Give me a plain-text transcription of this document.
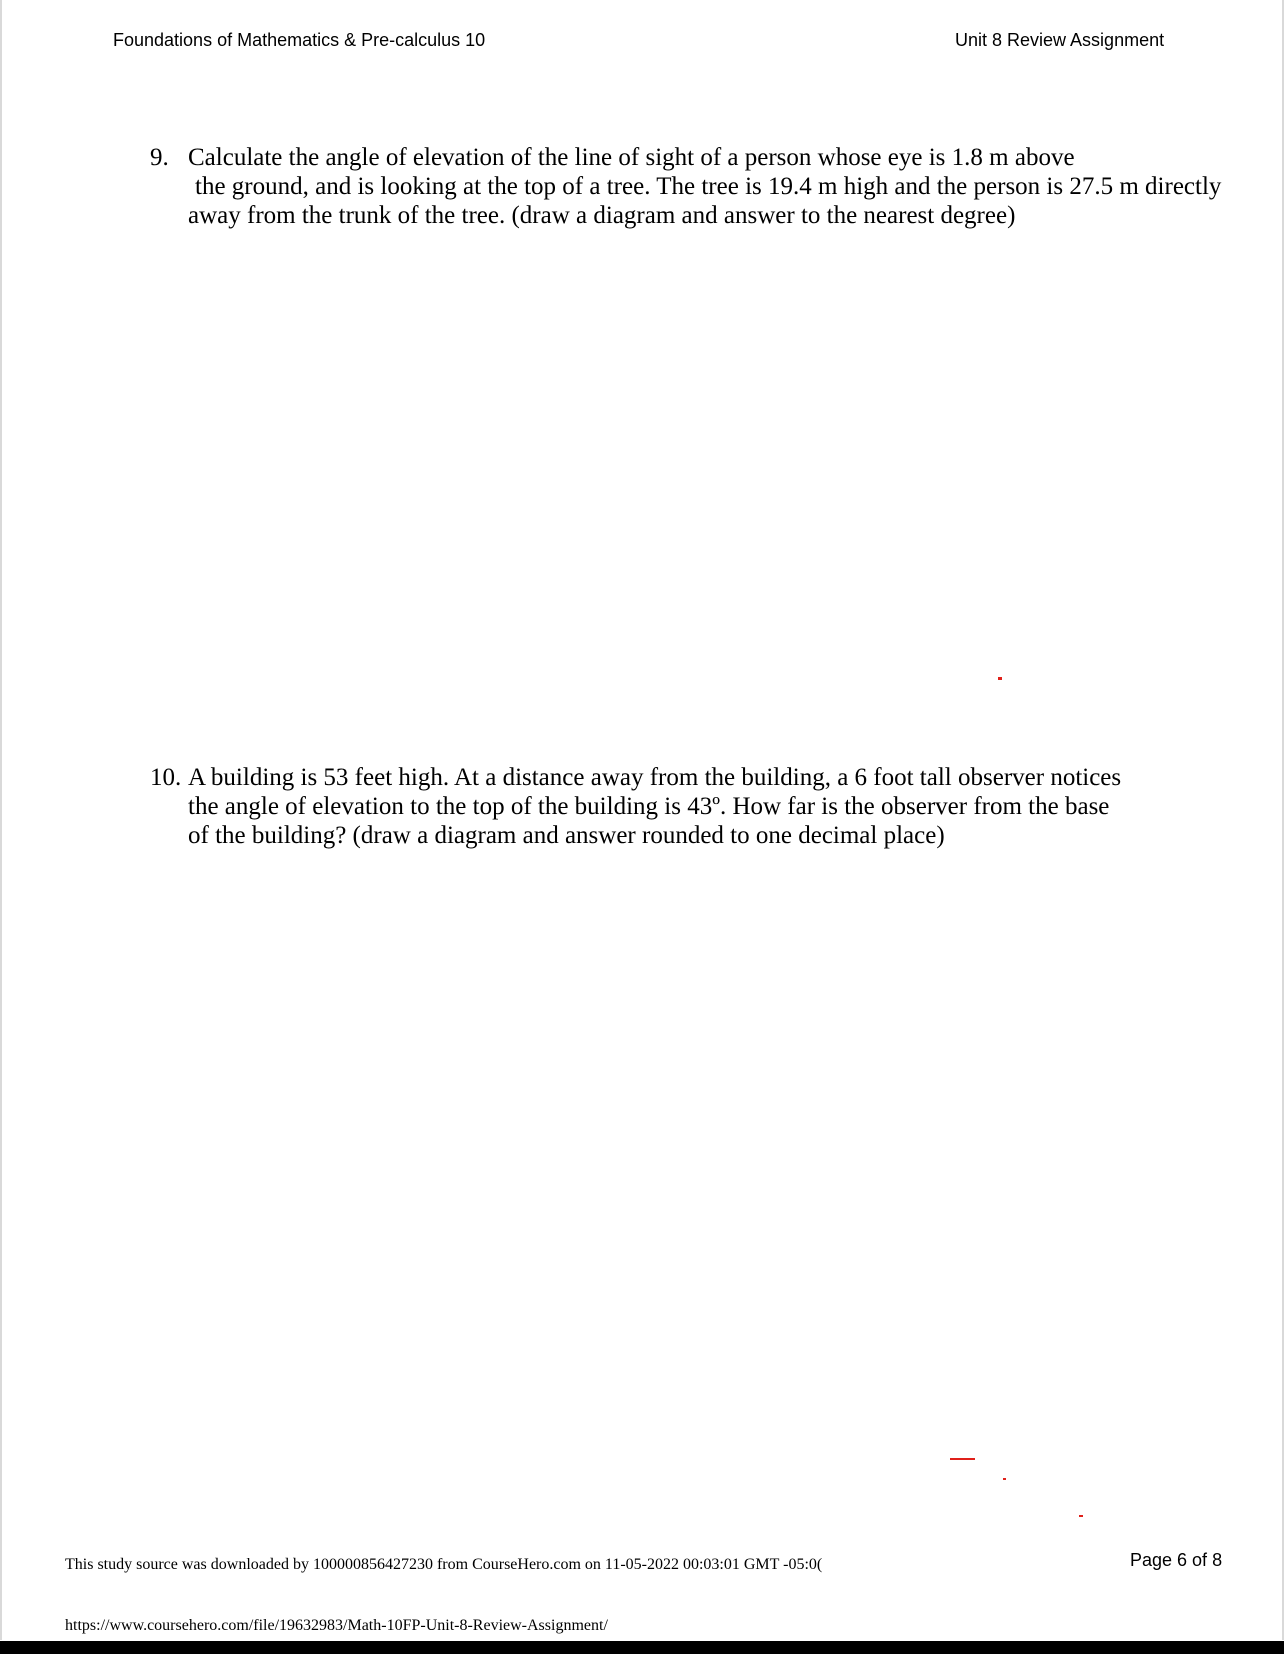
Foundations of Mathematics & Pre-calculus 10	Unit 8 Review Assignment
9. Calculate the angle of elevation of the line of sight of a person whose eye is 1.8 m above
the ground, and is looking at the top of a tree. The tree is 19.4 m high and the person is 27.5 m directly
away from the trunk of the tree. (draw a diagram and answer to the nearest degree)
10. A building is 53 feet high. At a distance away from the building, a 6 foot tall observer notices
the angle of elevation to the top of the building is 43º. How far is the observer from the base
of the building? (draw a diagram and answer rounded to one decimal place)
This study source was downloaded by 100000856427230 from CourseHero.com on 11-05-2022 00:03:01 GMT -05:0(	Page 6 of 8
https://www.coursehero.com/file/19632983/Math-10FP-Unit-8-Review-Assignment/
